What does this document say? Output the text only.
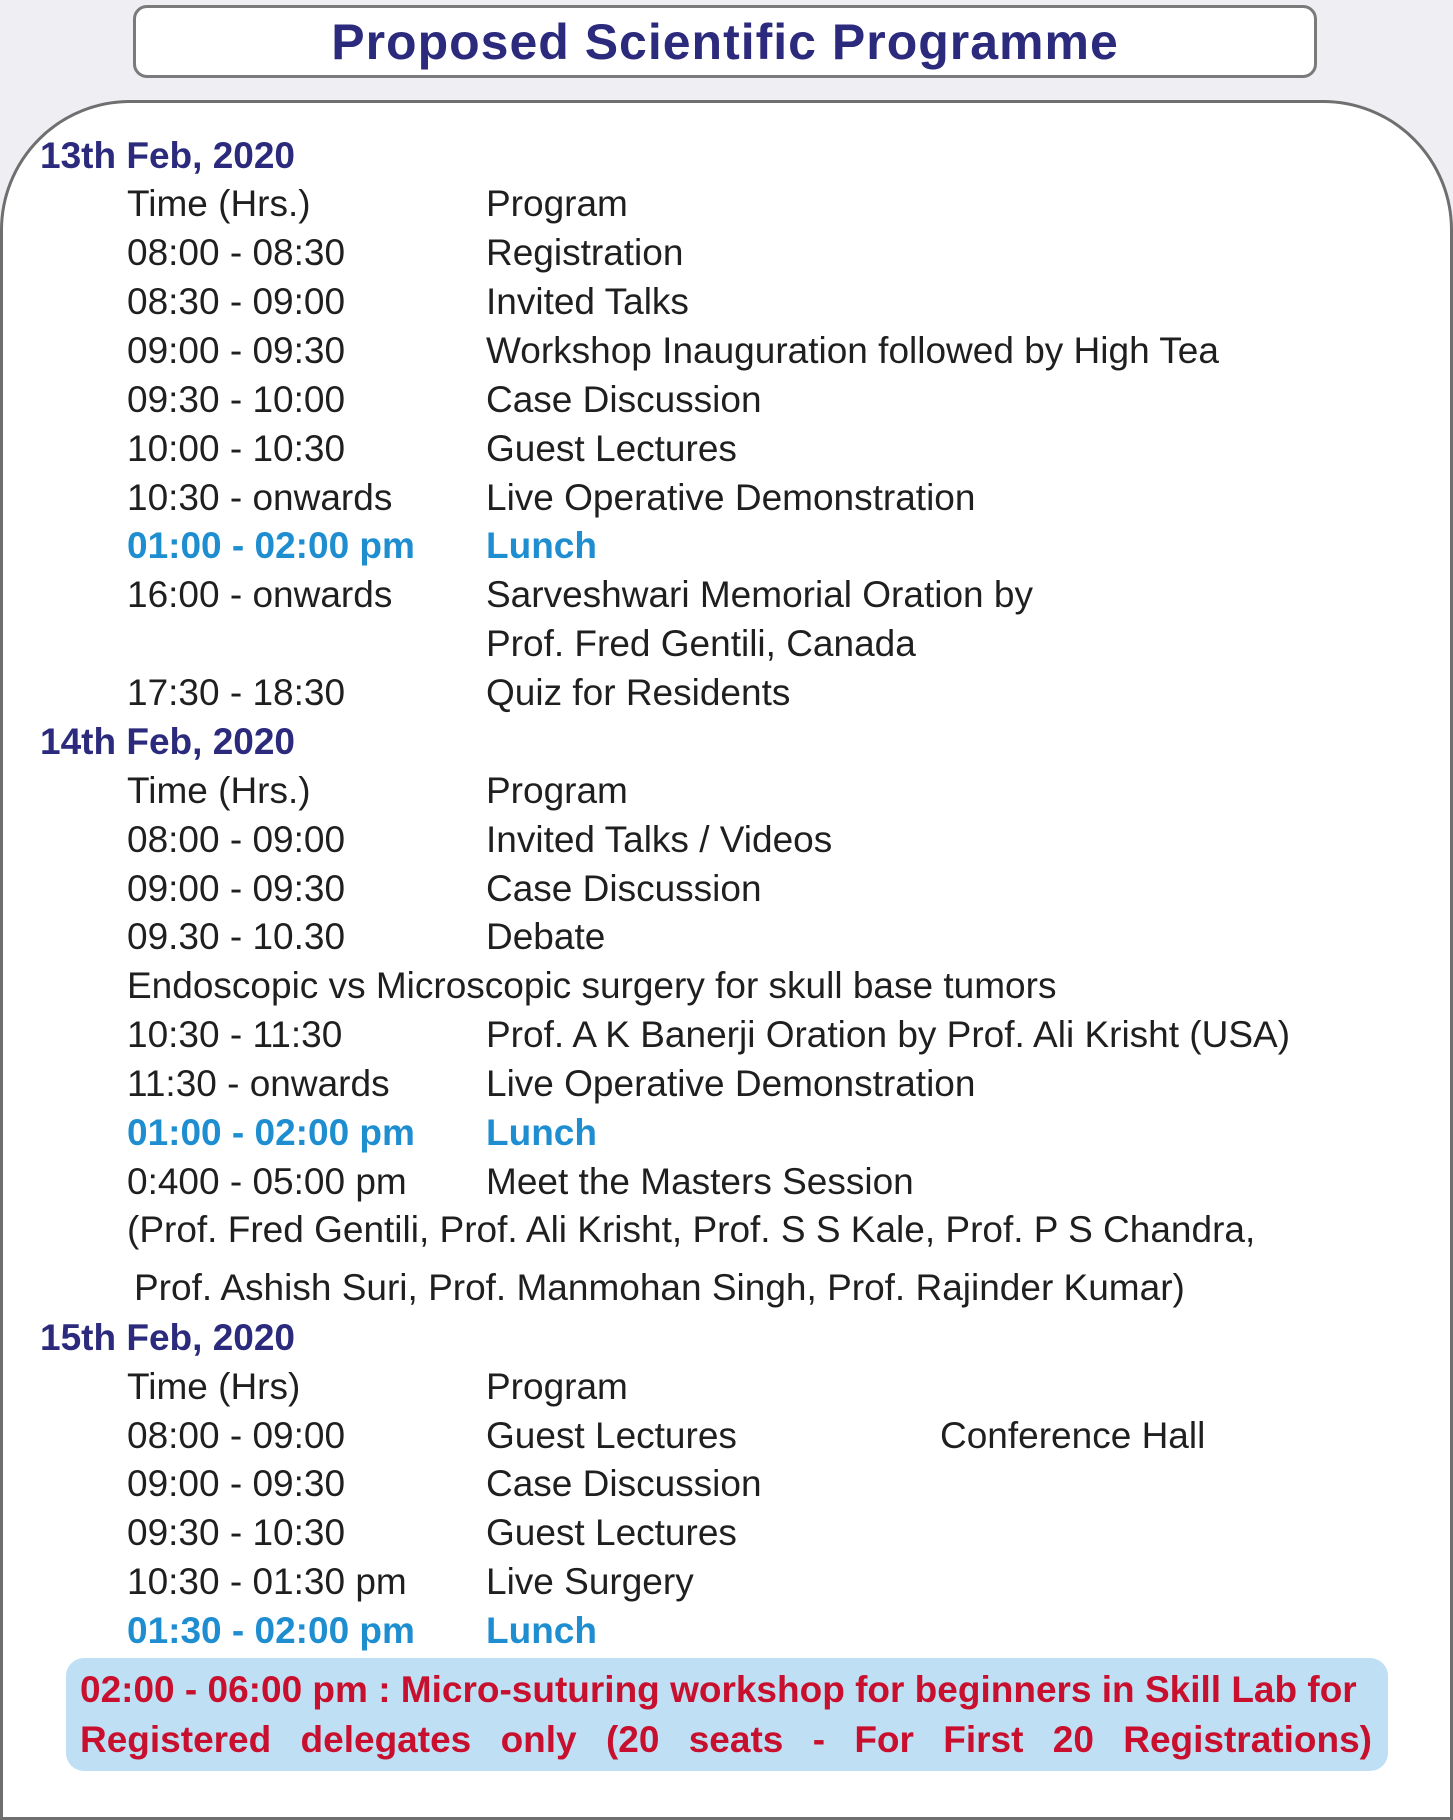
Proposed Scientific Programme
13th Feb, 2020
Time (Hrs.)	Program
08:00 - 08:30	Registration
08:30 - 09:00	Invited Talks
09:00 - 09:30	Workshop Inauguration followed by High Tea
09:30 - 10:00	Case Discussion
10:00 - 10:30	Guest Lectures
10:30 - onwards	Live Operative Demonstration
01:00 - 02:00 pm Lunch
16:00 - onwards	Sarveshwari Memorial Oration by
Prof. Fred Gentili, Canada
17:30 - 18:30	Quiz for Residents
14th Feb, 2020
Time (Hrs.)	Program
08:00 - 09:00	Invited Talks / Videos
09:00 - 09:30	Case Discussion
09.30 - 10.30	Debate
Endoscopic vs Microscopic surgery for skull base tumors
10:30 - 11:30	Prof. A K Banerji Oration by Prof. Ali Krisht (USA)
11:30 - onwards	Live Operative Demonstration
01:00 - 02:00 pm Lunch
0:400 - 05:00 pm Meet the Masters Session
(Prof. Fred Gentili, Prof. Ali Krisht, Prof. S S Kale, Prof. P S Chandra,
Prof. Ashish Suri, Prof. Manmohan Singh, Prof. Rajinder Kumar)
15th Feb, 2020
Time (Hrs)	Program
08:00 - 09:00	Guest Lectures	Conference Hall
09:00 - 09:30	Case Discussion
09:30 - 10:30	Guest Lectures
10:30 - 01:30 pm Live Surgery
01:30 - 02:00 pm Lunch
02:00 - 06:00 pm : Micro-suturing workshop for beginners in Skill Lab for
Registered delegates only (20 seats - For First 20 Registrations)
